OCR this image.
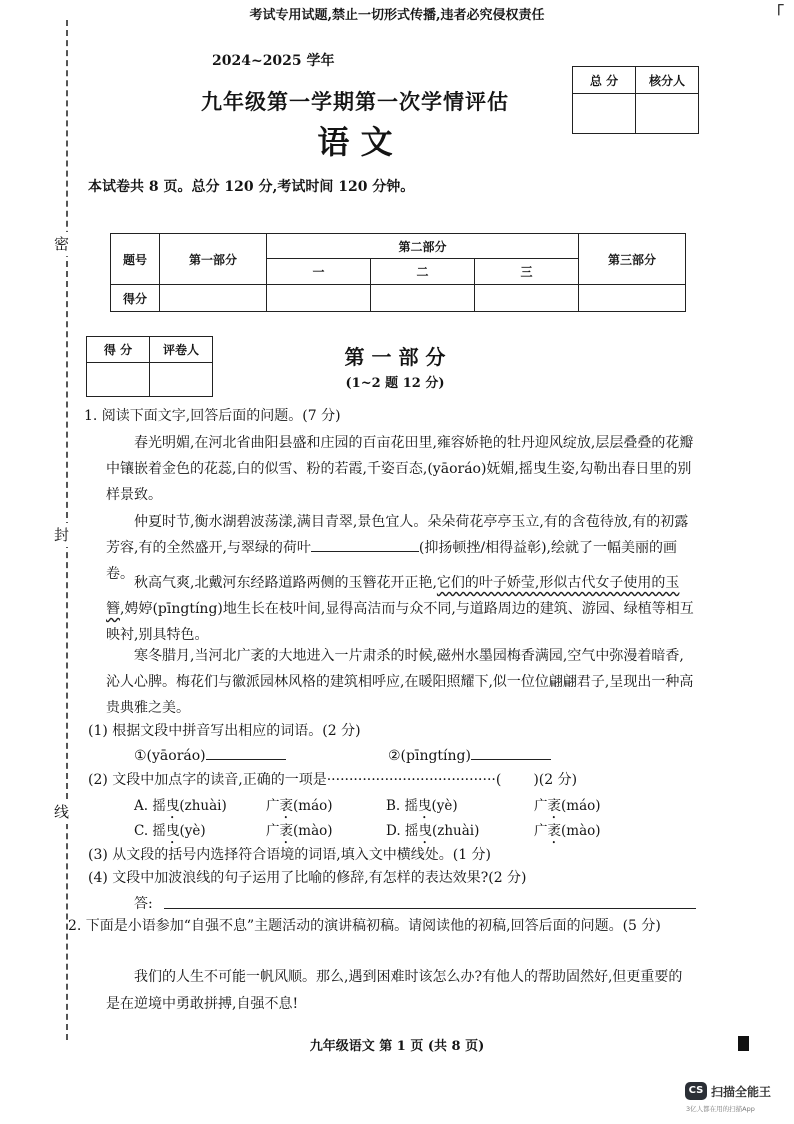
考试专用试题,禁止一切形式传播,违者必究侵权责任	「
密
封
线
2024~2025 学年
九年级第一学期第一次学情评估
语 文
总 分	核分人

本试卷共 8 页。总分 120 分,考试时间 120 分钟。
题号	第一部分	第二部分			第三部分
		一	二	三	
得分					
得 分	评卷人
		第 一 部 分
(1~2 题 12 分)
1. 阅读下面文字,回答后面的问题。(7 分)
春光明媚,在河北省曲阳县盛和庄园的百亩花田里,雍容娇艳的牡丹迎风绽放,层层叠叠的花瓣中镶嵌着金色的花蕊,白的似雪、粉的若霞,千姿百态,(yāoráo)妩媚,摇曳生姿,勾勒出春日里的别样景致。
仲夏时节,衡水湖碧波荡漾,满目青翠,景色宜人。朵朵荷花亭亭玉立,有的含苞待放,有的初露芳容,有的全然盛开,与翠绿的荷叶	(抑扬顿挫/相得益彰),绘就了一幅美丽的画卷。
秋高气爽,北戴河东经路道路两侧的玉簪花开正艳,它们的叶子娇莹,形似古代女子使用的玉簪,娉婷(pīngtíng)地生长在枝叶间,显得高洁而与众不同,与道路周边的建筑、游园、绿植等相互映衬,别具特色。
寒冬腊月,当河北广袤的大地进入一片肃杀的时候,磁州水墨园梅香满园,空气中弥漫着暗香,沁人心脾。梅花们与徽派园林风格的建筑相呼应,在暖阳照耀下,似一位位翩翩君子,呈现出一种高贵典雅之美。
(1) 根据文段中拼音写出相应的词语。(2 分)
①(yāoráo)	②(pīngtíng)
(2) 文段中加点字的读音,正确的一项是······································( )(2 分)
A. 摇曳(zhuài)	广袤(máo)	B. 摇曳(yè)	广袤(máo)
C. 摇曳(yè)	广袤(mào)	D. 摇曳(zhuài)	广袤(mào)
(3) 从文段的括号内选择符合语境的词语,填入文中横线处。(1 分)
(4) 文段中加波浪线的句子运用了比喻的修辞,有怎样的表达效果?(2 分)
答:
2. 下面是小语参加“自强不息”主题活动的演讲稿初稿。请阅读他的初稿,回答后面的问题。(5 分)
我们的人生不可能一帆风顺。那么,遇到困难时该怎么办?有他人的帮助固然好,但更重要的是在逆境中勇敢拼搏,自强不息!
九年级语文 第 1 页 (共 8 页)
CS 扫描全能王
3亿人都在用的扫描App
